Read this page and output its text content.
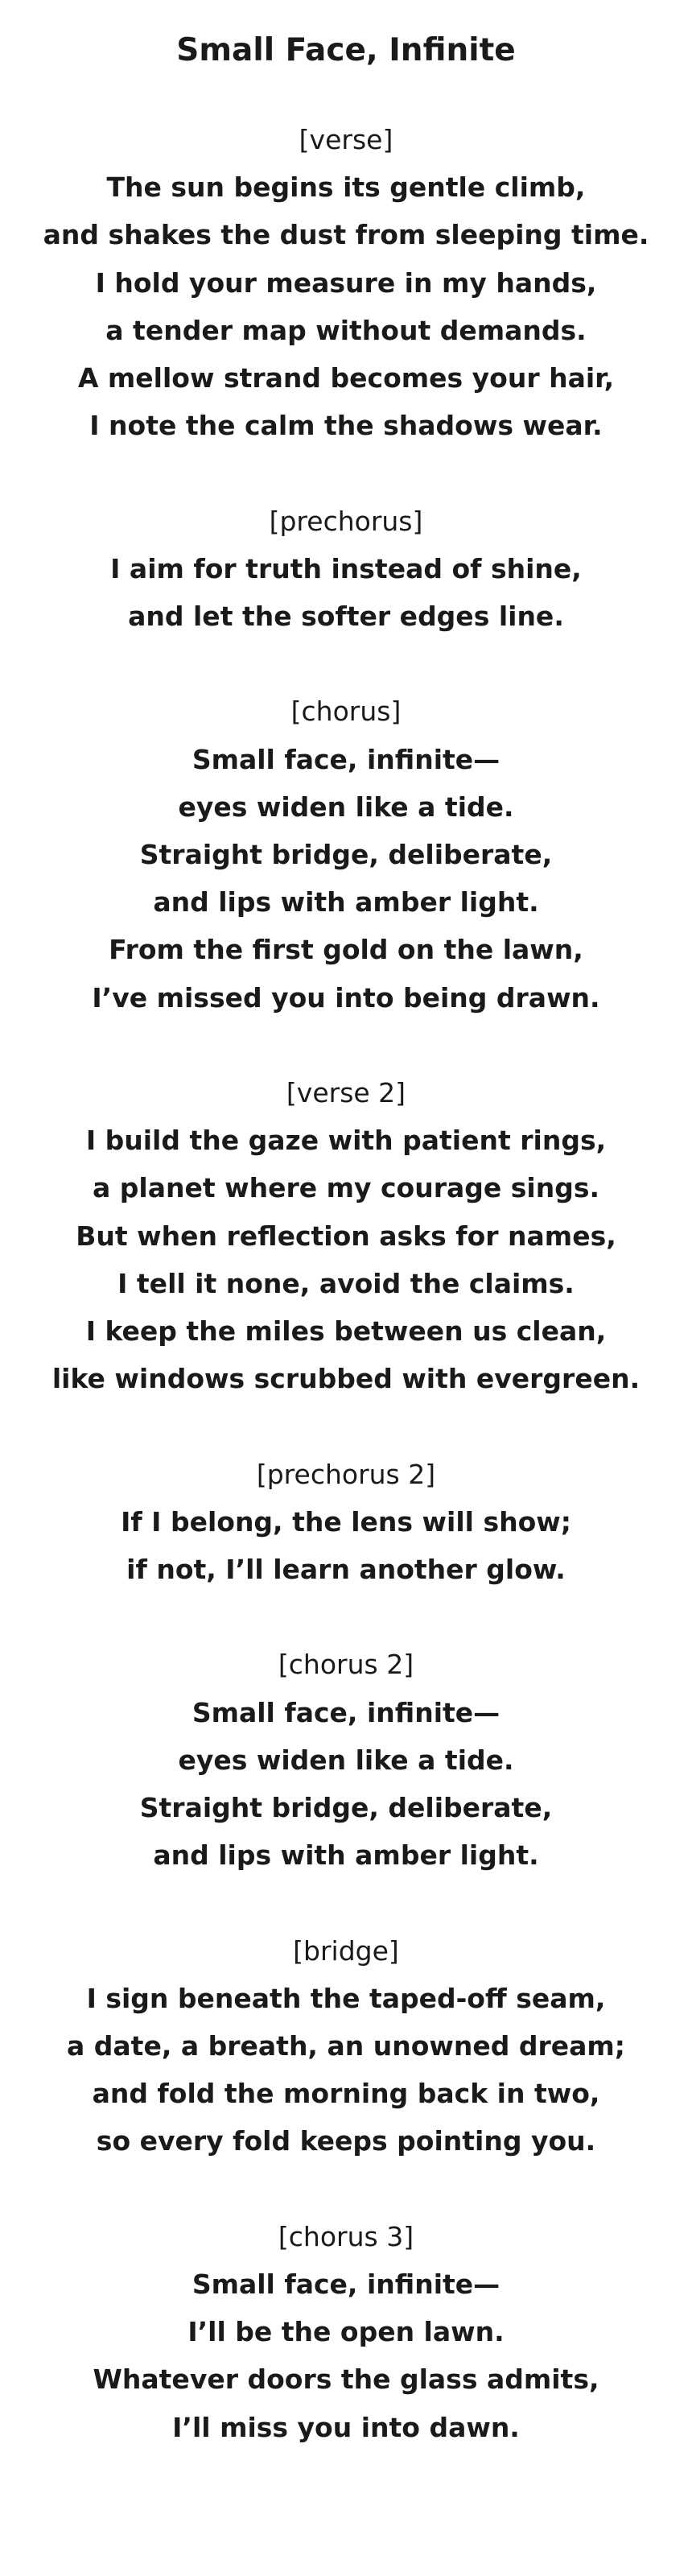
Small Face, Infinite
[verse]
The sun begins its gentle climb,
and shakes the dust from sleeping time.
I hold your measure in my hands,
a tender map without demands.
A mellow strand becomes your hair,
I note the calm the shadows wear.
[prechorus]
I aim for truth instead of shine,
and let the softer edges line.
[chorus]
Small face, infinite—
eyes widen like a tide.
Straight bridge, deliberate,
and lips with amber light.
From the first gold on the lawn,
I’ve missed you into being drawn.
[verse 2]
I build the gaze with patient rings,
a planet where my courage sings.
But when reflection asks for names,
I tell it none, avoid the claims.
I keep the miles between us clean,
like windows scrubbed with evergreen.
[prechorus 2]
If I belong, the lens will show;
if not, I’ll learn another glow.
[chorus 2]
Small face, infinite—
eyes widen like a tide.
Straight bridge, deliberate,
and lips with amber light.
[bridge]
I sign beneath the taped-off seam,
a date, a breath, an unowned dream;
and fold the morning back in two,
so every fold keeps pointing you.
[chorus 3]
Small face, infinite—
I’ll be the open lawn.
Whatever doors the glass admits,
I’ll miss you into dawn.
